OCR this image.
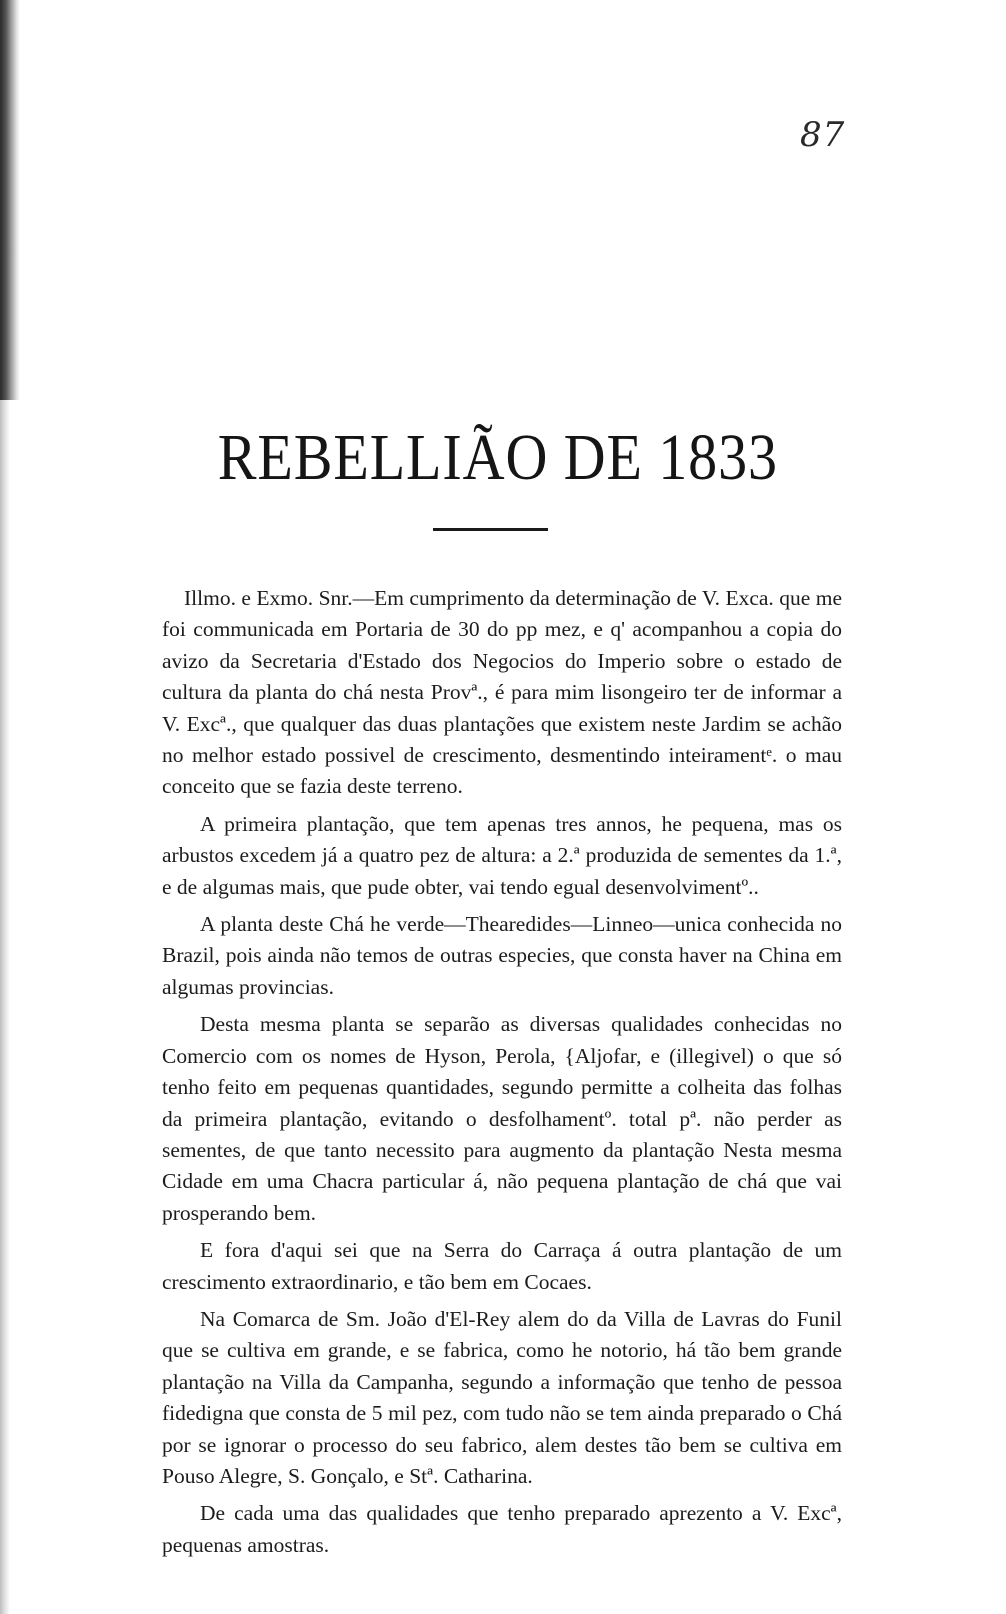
87
REBELLIÃO DE 1833

Illmo. e Exmo. Snr.—Em cumprimento da determinação de V. Exca. que me foi communicada em Portaria de 30 do pp mez, e q' acompanhou a copia do avizo da Secretaria d'Estado dos Negocios do Imperio sobre o estado de cultura da planta do chá nesta Provª., é para mim lisongeiro ter de informar a V. Excª., que qualquer das duas plantações que existem neste Jardim se achão no melhor estado possivel de crescimento, desmentindo inteiramentᵉ. o mau conceito que se fazia deste terreno.

A primeira plantação, que tem apenas tres annos, he pequena, mas os arbustos excedem já a quatro pez de altura: a 2.ª produzida de sementes da 1.ª, e de algumas mais, que pude obter, vai tendo egual desenvolvimentº..

A planta deste Chá he verde—Thearedides—Linneo—unica conhecida no Brazil, pois ainda não temos de outras especies, que consta haver na China em algumas provincias.

Desta mesma planta se separão as diversas qualidades conhecidas no Comercio com os nomes de Hyson, Perola, {Aljofar, e (illegivel) o que só tenho feito em pequenas quantidades, segundo permitte a colheita das folhas da primeira plantação, evitando o desfolhamentº. total pª. não perder as sementes, de que tanto necessito para augmento da plantação Nesta mesma Cidade em uma Chacra particular á, não pequena plantação de chá que vai prosperando bem.

E fora d'aqui sei que na Serra do Carraça á outra plantação de um crescimento extraordinario, e tão bem em Cocaes.

Na Comarca de Sm. João d'El-Rey alem do da Villa de Lavras do Funil que se cultiva em grande, e se fabrica, como he notorio, há tão bem grande plantação na Villa da Campanha, segundo a informação que tenho de pessoa fidedigna que consta de 5 mil pez, com tudo não se tem ainda preparado o Chá por se ignorar o processo do seu fabrico, alem destes tão bem se cultiva em Pouso Alegre, S. Gonçalo, e Stª. Catharina.

De cada uma das qualidades que tenho preparado aprezento a V. Excª, pequenas amostras.
